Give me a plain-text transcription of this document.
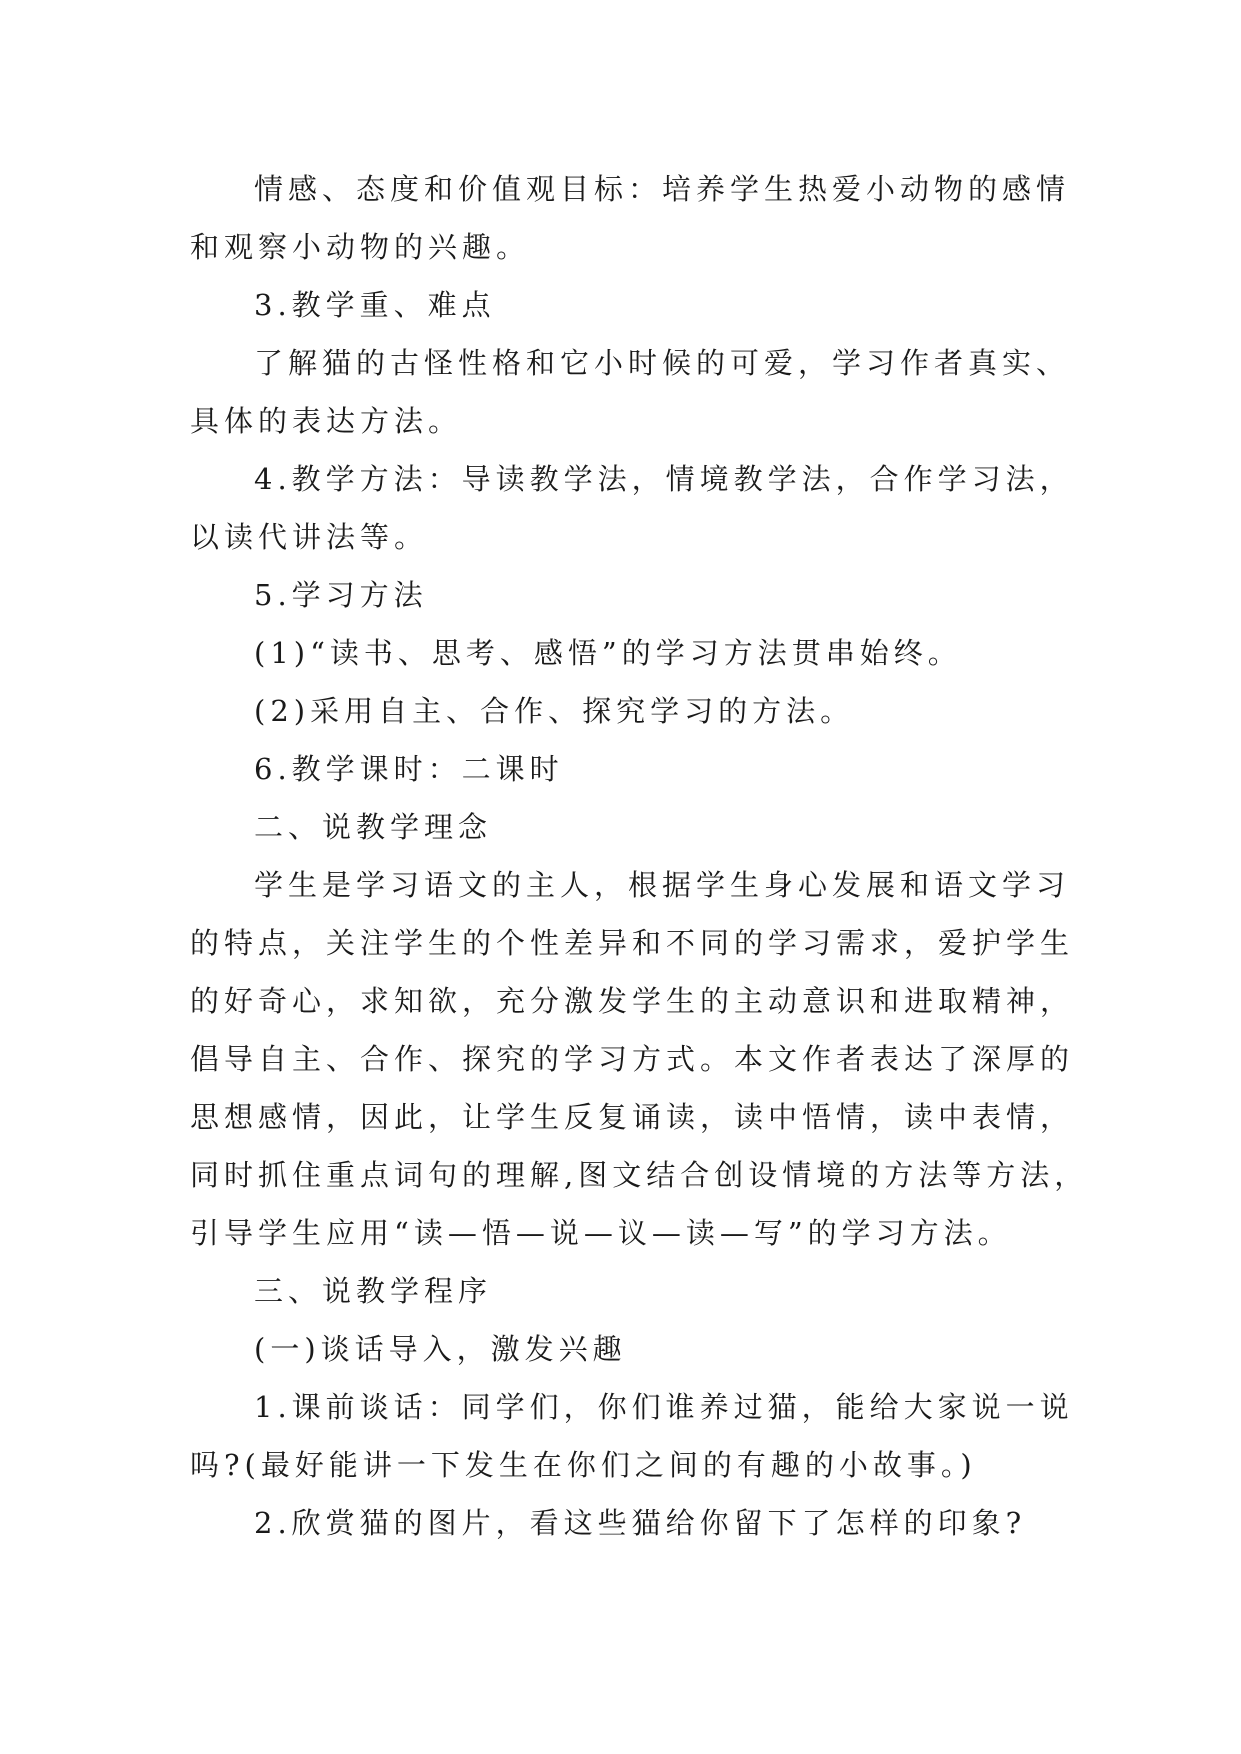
情感、态度和价值观目标：培养学生热爱小动物的感情

和观察小动物的兴趣。

3.教学重、难点

了解猫的古怪性格和它小时候的可爱，学习作者真实、

具体的表达方法。

4.教学方法：导读教学法，情境教学法，合作学习法，

以读代讲法等。

5.学习方法

(1)“读书、思考、感悟”的学习方法贯串始终。

(2)采用自主、合作、探究学习的方法。

6.教学课时：二课时

二、说教学理念

学生是学习语文的主人，根据学生身心发展和语文学习

的特点，关注学生的个性差异和不同的学习需求，爱护学生

的好奇心，求知欲，充分激发学生的主动意识和进取精神，

倡导自主、合作、探究的学习方式。本文作者表达了深厚的

思想感情，因此，让学生反复诵读，读中悟情，读中表情，

同时抓住重点词句的理解,图文结合创设情境的方法等方法，

引导学生应用“读—悟—说—议—读—写”的学习方法。

三、说教学程序

(一)谈话导入，激发兴趣

1.课前谈话：同学们，你们谁养过猫，能给大家说一说

吗?(最好能讲一下发生在你们之间的有趣的小故事。)

2.欣赏猫的图片，看这些猫给你留下了怎样的印象?
